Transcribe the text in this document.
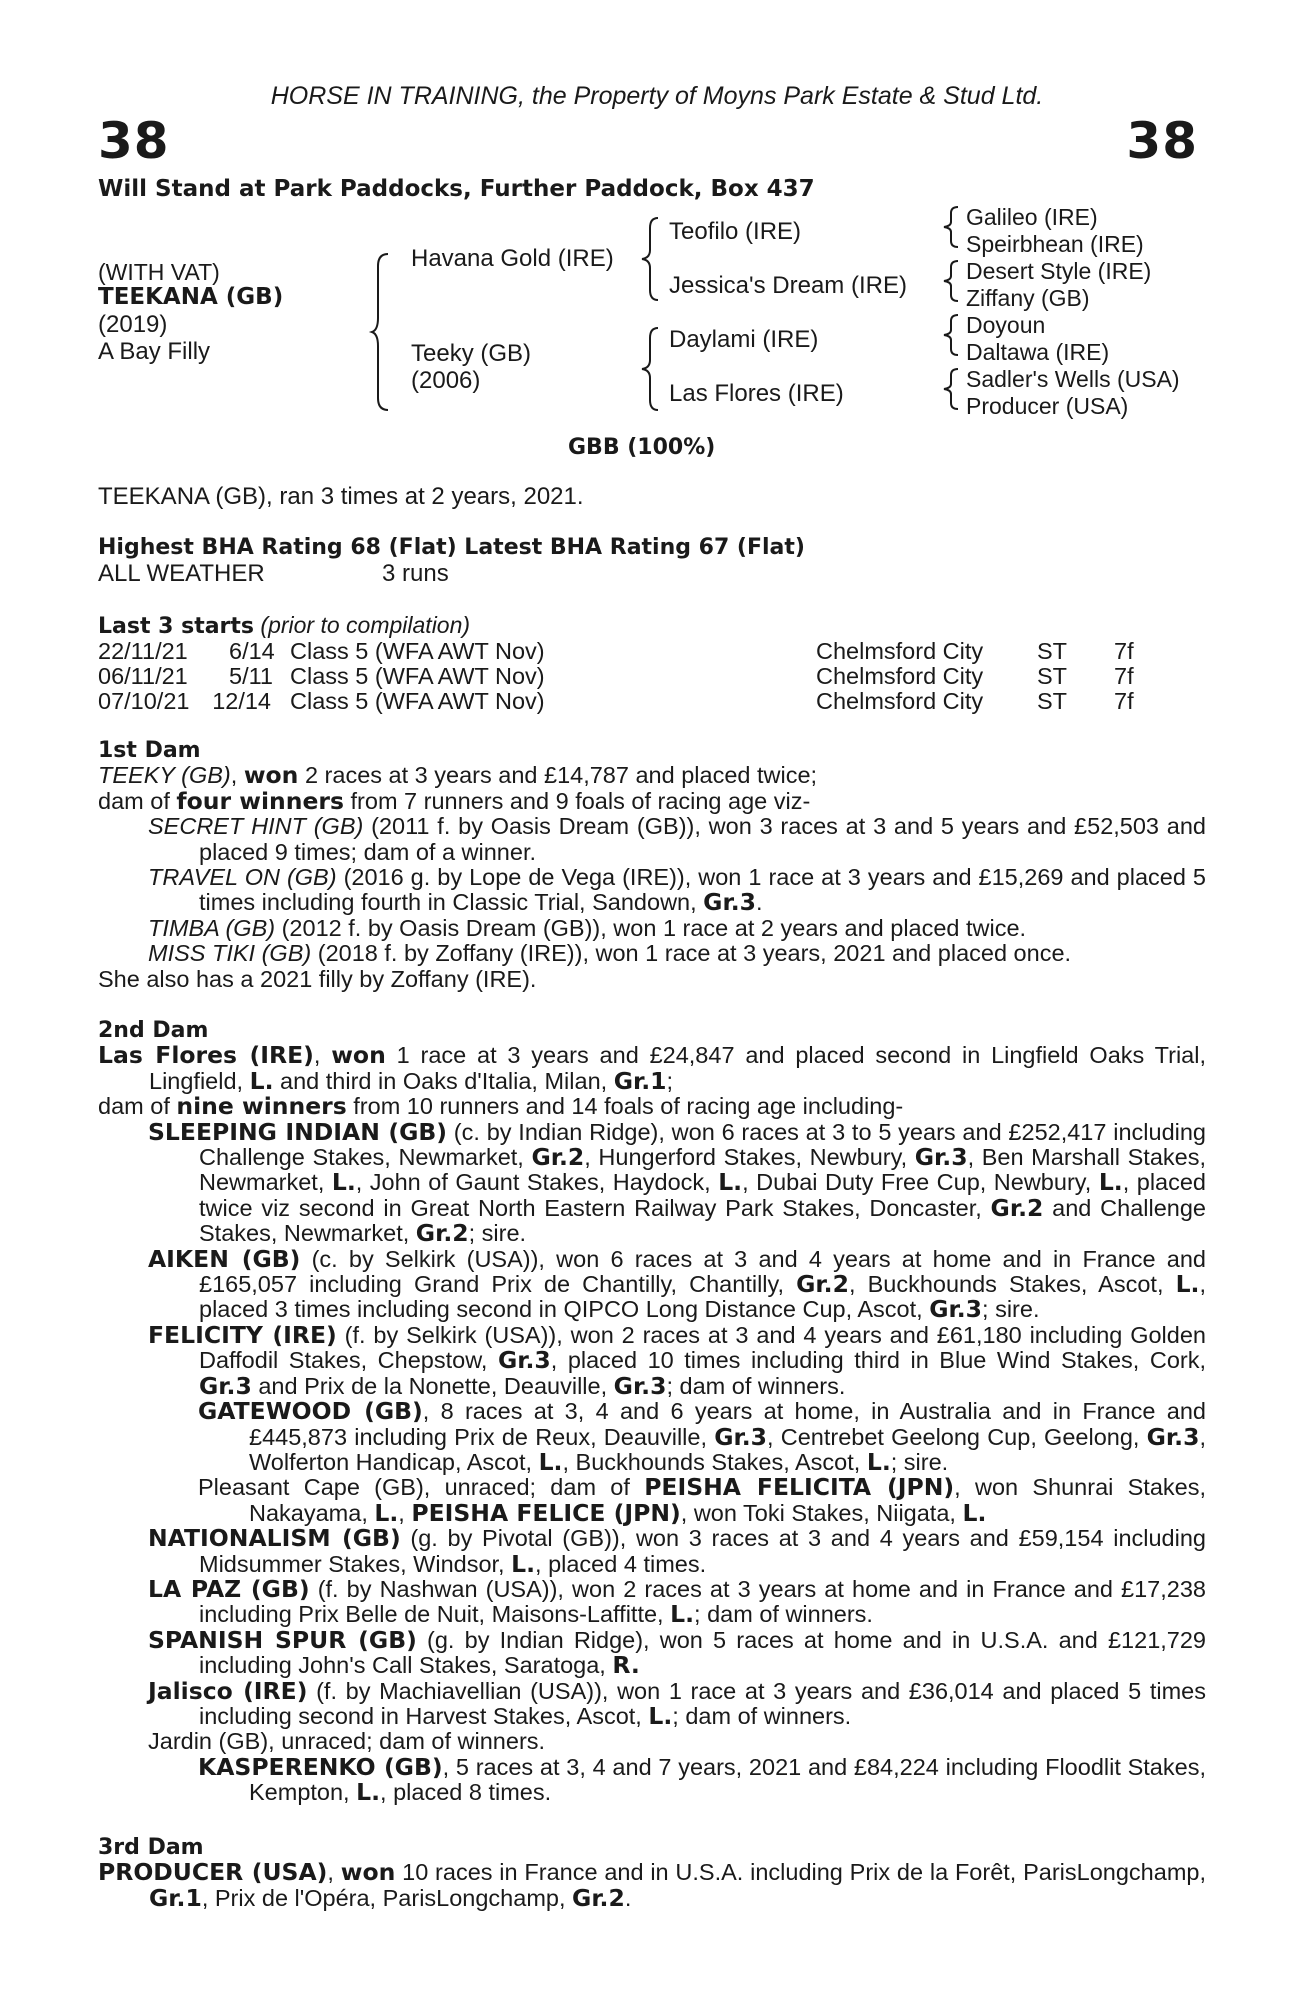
HORSE IN TRAINING, the Property of Moyns Park Estate & Stud Ltd.
38	38
Will Stand at Park Paddocks, Further Paddock, Box 437
(WITH VAT)
TEEKANA (GB)
(2019)
A Bay Filly
Havana Gold (IRE)
Teeky (GB)
(2006)
Teofilo (IRE)
Jessica's Dream (IRE)
Daylami (IRE)
Las Flores (IRE)
Galileo (IRE)
Speirbhean (IRE)
Desert Style (IRE)
Ziffany (GB)
Doyoun
Daltawa (IRE)
Sadler's Wells (USA)
Producer (USA)
GBB (100%)
TEEKANA (GB), ran 3 times at 2 years, 2021.
Highest BHA Rating 68 (Flat) Latest BHA Rating 67 (Flat)
ALL WEATHER	3 runs
Last 3 starts (prior to compilation)
22/11/21 6/14 Class 5 (WFA AWT Nov)	Chelmsford City ST 7f
06/11/21 5/11 Class 5 (WFA AWT Nov)	Chelmsford City ST 7f
07/10/21 12/14 Class 5 (WFA AWT Nov)	Chelmsford City ST 7f
1st Dam
TEEKY (GB), won 2 races at 3 years and £14,787 and placed twice;
dam of four winners from 7 runners and 9 foals of racing age viz-
SECRET HINT (GB) (2011 f. by Oasis Dream (GB)), won 3 races at 3 and 5 years and £52,503 and placed 9 times; dam of a winner.
TRAVEL ON (GB) (2016 g. by Lope de Vega (IRE)), won 1 race at 3 years and £15,269 and placed 5 times including fourth in Classic Trial, Sandown, Gr.3.
TIMBA (GB) (2012 f. by Oasis Dream (GB)), won 1 race at 2 years and placed twice.
MISS TIKI (GB) (2018 f. by Zoffany (IRE)), won 1 race at 3 years, 2021 and placed once.
She also has a 2021 filly by Zoffany (IRE).
2nd Dam
Las Flores (IRE), won 1 race at 3 years and £24,847 and placed second in Lingfield Oaks Trial, Lingfield, L. and third in Oaks d'Italia, Milan, Gr.1;
dam of nine winners from 10 runners and 14 foals of racing age including-
SLEEPING INDIAN (GB) (c. by Indian Ridge), won 6 races at 3 to 5 years and £252,417 including Challenge Stakes, Newmarket, Gr.2, Hungerford Stakes, Newbury, Gr.3, Ben Marshall Stakes, Newmarket, L., John of Gaunt Stakes, Haydock, L., Dubai Duty Free Cup, Newbury, L., placed twice viz second in Great North Eastern Railway Park Stakes, Doncaster, Gr.2 and Challenge Stakes, Newmarket, Gr.2; sire.
AIKEN (GB) (c. by Selkirk (USA)), won 6 races at 3 and 4 years at home and in France and £165,057 including Grand Prix de Chantilly, Chantilly, Gr.2, Buckhounds Stakes, Ascot, L., placed 3 times including second in QIPCO Long Distance Cup, Ascot, Gr.3; sire.
FELICITY (IRE) (f. by Selkirk (USA)), won 2 races at 3 and 4 years and £61,180 including Golden Daffodil Stakes, Chepstow, Gr.3, placed 10 times including third in Blue Wind Stakes, Cork, Gr.3 and Prix de la Nonette, Deauville, Gr.3; dam of winners.
GATEWOOD (GB), 8 races at 3, 4 and 6 years at home, in Australia and in France and £445,873 including Prix de Reux, Deauville, Gr.3, Centrebet Geelong Cup, Geelong, Gr.3, Wolferton Handicap, Ascot, L., Buckhounds Stakes, Ascot, L.; sire.
Pleasant Cape (GB), unraced; dam of PEISHA FELICITA (JPN), won Shunrai Stakes, Nakayama, L., PEISHA FELICE (JPN), won Toki Stakes, Niigata, L.
NATIONALISM (GB) (g. by Pivotal (GB)), won 3 races at 3 and 4 years and £59,154 including Midsummer Stakes, Windsor, L., placed 4 times.
LA PAZ (GB) (f. by Nashwan (USA)), won 2 races at 3 years at home and in France and £17,238 including Prix Belle de Nuit, Maisons-Laffitte, L.; dam of winners.
SPANISH SPUR (GB) (g. by Indian Ridge), won 5 races at home and in U.S.A. and £121,729 including John's Call Stakes, Saratoga, R.
Jalisco (IRE) (f. by Machiavellian (USA)), won 1 race at 3 years and £36,014 and placed 5 times including second in Harvest Stakes, Ascot, L.; dam of winners.
Jardin (GB), unraced; dam of winners.
KASPERENKO (GB), 5 races at 3, 4 and 7 years, 2021 and £84,224 including Floodlit Stakes, Kempton, L., placed 8 times.
3rd Dam
PRODUCER (USA), won 10 races in France and in U.S.A. including Prix de la Forêt, ParisLongchamp, Gr.1, Prix de l'Opéra, ParisLongchamp, Gr.2.
